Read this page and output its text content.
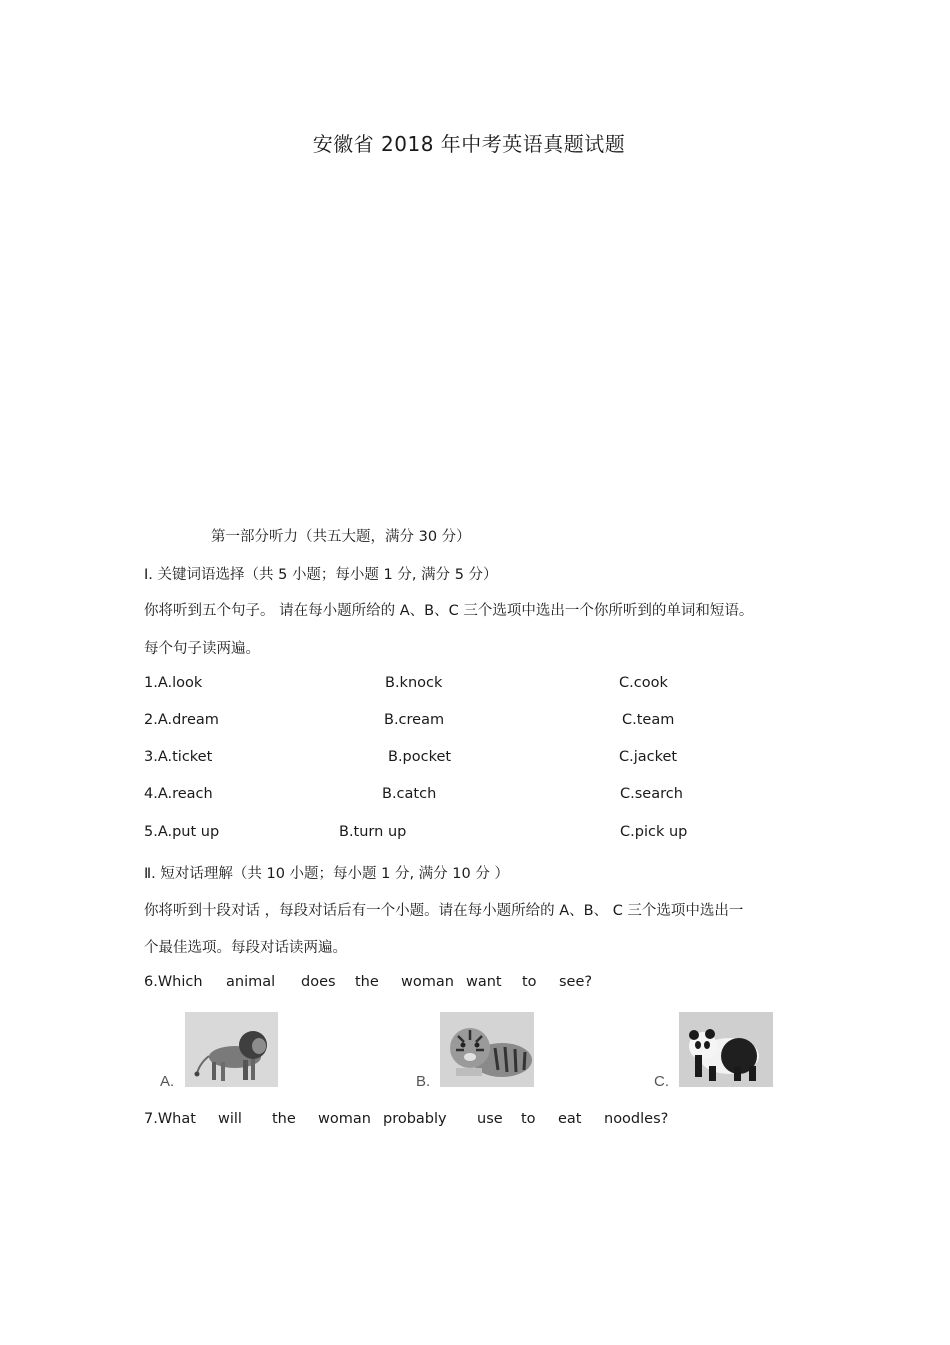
安徽省 2018 年中考英语真题试题
第一部分听力（共五大题，满分 30 分）
I. 关键词语选择（共 5 小题；每小题 1 分, 满分 5 分）
你将听到五个句子。 请在每小题所给的 A、B、C 三个选项中选出一个你所听到的单词和短语。
每个句子读两遍。
1.A.look	B.knock	C.cook
2.A.dream	B.cream	C.team
3.A.ticket	B.pocket	C.jacket
4.A.reach	B.catch	C.search
5.A.put up	B.turn up	C.pick up
Ⅱ. 短对话理解（共 10 小题；每小题 1 分, 满分 10 分 ）
你将听到十段对话 ，每段对话后有一个小题。请在每小题所给的 A、B、 C 三个选项中选出一
个最佳选项。每段对话读两遍。
6.Which animal does the woman want to see?
A.	B.	C.
7.What will the woman probably use to eat noodles?
